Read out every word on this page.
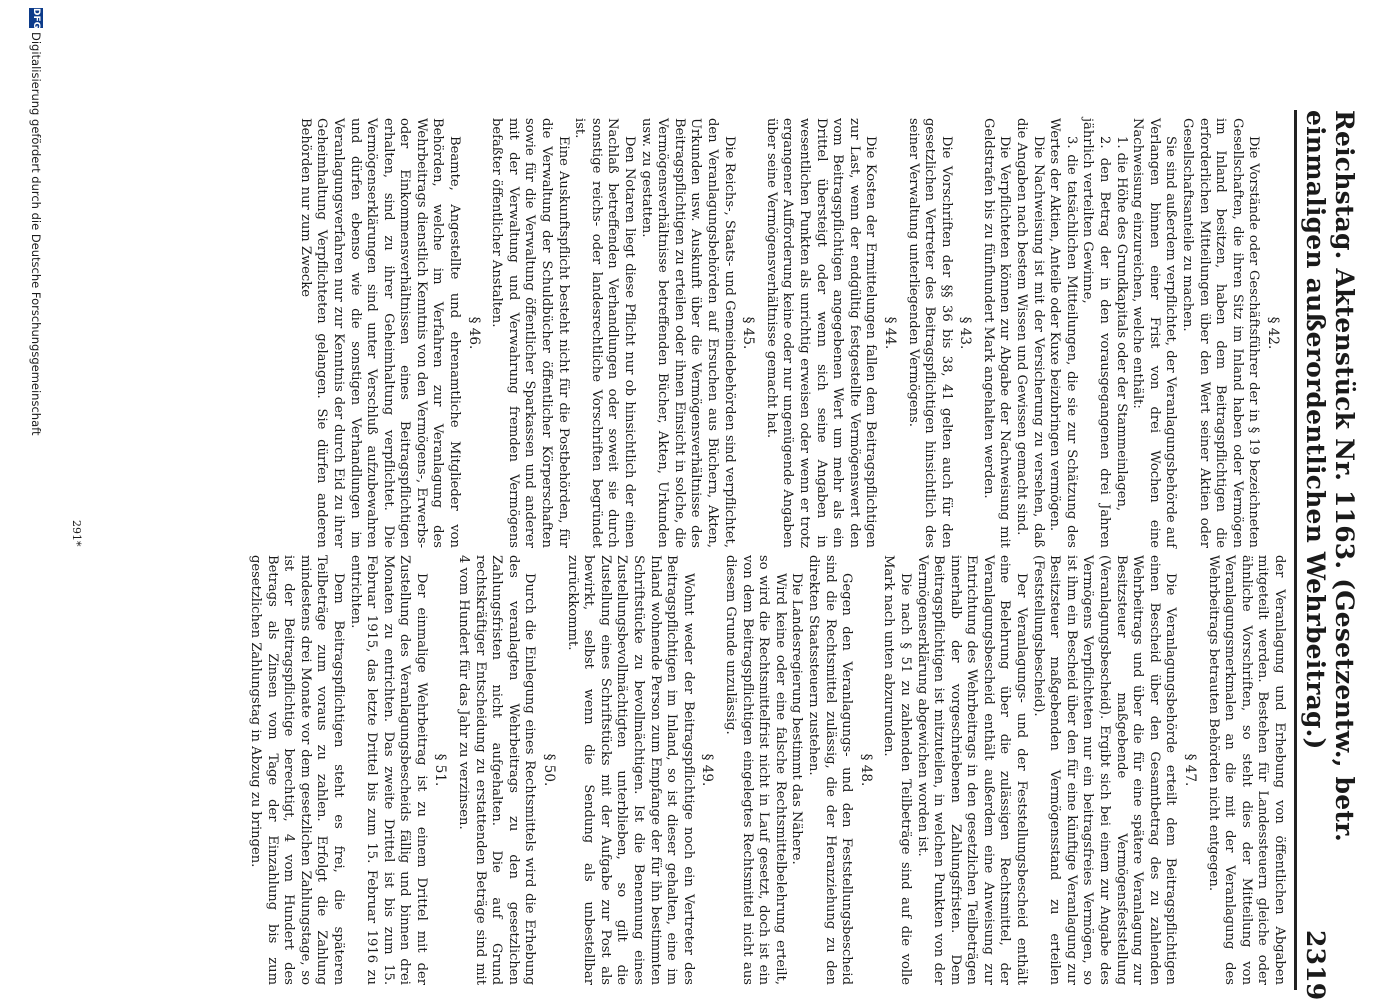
Reichstag. Aktenstück Nr. 1163. (Gesetzentw., betr. einmaligen außerordentlichen Wehrbeitrag.)
2319
§ 42.

Die Vorstände oder Geschäftsführer der in § 19 bezeichneten Gesellschaften, die ihren Sitz im Inland haben oder Vermögen im Inland besitzen, haben dem Beitragspflichtigen die erforderlichen Mitteilungen über den Wert seiner Aktien oder Gesellschaftsanteile zu machen.

Sie sind außerdem verpflichtet, der Veranlagungsbehörde auf Verlangen binnen einer Frist von drei Wochen eine Nachweisung einzureichen, welche enthält:

1. die Höhe des Grundkapitals oder der Stammeinlagen,

2. den Betrag der in den vorausgegangenen drei Jahren jährlich verteilten Gewinne,

3. die tatsächlichen Mitteilungen, die sie zur Schätzung des Wertes der Aktien, Anteile oder Kuxe beizubringen vermögen.

Die Nachweisung ist mit der Versicherung zu versehen, daß die Angaben nach bestem Wissen und Gewissen gemacht sind.

Die Verpflichteten können zur Abgabe der Nachweisung mit Geldstrafen bis zu fünfhundert Mark angehalten werden.

§ 43.

Die Vorschriften der §§ 36 bis 38, 41 gelten auch für den gesetzlichen Vertreter des Beitragspflichtigen hinsichtlich des seiner Verwaltung unterliegenden Vermögens.

§ 44.

Die Kosten der Ermittelungen fallen dem Beitragspflichtigen zur Last, wenn der endgültig festgestellte Vermögenswert den vom Beitragspflichtigen angegebenen Wert um mehr als ein Drittel übersteigt oder wenn sich seine Angaben in wesentlichen Punkten als unrichtig erweisen oder wenn er trotz ergangener Aufforderung keine oder nur ungenügende Angaben über seine Vermögensverhältnisse gemacht hat.

§ 45.

Die Reichs-, Staats- und Gemeindebehörden sind verpflichtet, den Veranlagungsbehörden auf Ersuchen aus Büchern, Akten, Urkunden usw. Auskunft über die Vermögensverhältnisse des Beitragspflichtigen zu erteilen oder ihnen Einsicht in solche, die Vermögensverhältnisse betreffenden Bücher, Akten, Urkunden usw. zu gestatten.

Den Notaren liegt diese Pflicht nur ob hinsichtlich der einen Nachlaß betreffenden Verhandlungen oder soweit sie durch sonstige reichs- oder landesrechtliche Vorschriften begründet ist.

Eine Auskunftspflicht besteht nicht für die Postbehörden, für die Verwaltung der Schuldbücher öffentlicher Körperschaften sowie für die Verwaltung öffentlicher Sparkassen und anderer mit der Verwaltung und Verwahrung fremden Vermögens befaßter öffentlicher Anstalten.

§ 46.

Beamte, Angestellte und ehrenamtliche Mitglieder von Behörden, welche im Verfahren zur Veranlagung des Wehrbeitrags dienstlich Kenntnis von den Vermögens-, Erwerbs- oder Einkommensverhältnissen eines Beitragspflichtigen erhalten, sind zu ihrer Geheimhaltung verpflichtet. Die Vermögenserklärungen sind unter Verschluß aufzubewahren und dürfen ebenso wie die sonstigen Verhandlungen im Veranlagungsverfahren nur zur Kenntnis der durch Eid zu ihrer Geheimhaltung Verpflichteten gelangen. Sie dürfen anderen Behörden nur zum Zwecke

der Veranlagung und Erhebung von öffentlichen Abgaben mitgeteilt werden. Bestehen für Landessteuern gleiche oder ähnliche Vorschriften, so steht dies der Mitteilung von Veranlagungsmerkmalen an die mit der Veranlagung des Wehrbeitrags betrauten Behörden nicht entgegen.

§ 47.

Die Veranlagungsbehörde erteilt dem Beitragspflichtigen einen Bescheid über den Gesamtbetrag des zu zahlenden Wehrbeitrags und über die für eine spätere Veranlagung zur Besitzsteuer maßgebende Vermögensfeststellung (Veranlagungsbescheid). Ergibt sich bei einem zur Angabe des Vermögens Verpflichteten nur ein beitragsfreies Vermögen, so ist ihm ein Bescheid über den für eine künftige Veranlagung zur Besitzsteuer maßgebenden Vermögensstand zu erteilen (Feststellungsbescheid).

Der Veranlagungs- und der Feststellungsbescheid enthält eine Belehrung über die zulässigen Rechtsmittel, der Veranlagungsbescheid enthält außerdem eine Anweisung zur Entrichtung des Wehrbeitrags in den gesetzlichen Teilbeträgen innerhalb der vorgeschriebenen Zahlungsfristen. Dem Beitragspflichtigen ist mitzuteilen, in welchen Punkten von der Vermögenserklärung abgewichen worden ist.

Die nach § 51 zu zahlenden Teilbeträge sind auf die volle Mark nach unten abzurunden.

§ 48.

Gegen den Veranlagungs- und den Feststellungsbescheid sind die Rechtsmittel zulässig, die der Heranziehung zu den direkten Staatssteuern zustehen.

Die Landesregierung bestimmt das Nähere.

Wird keine oder eine falsche Rechtsmittelbelehrung erteilt, so wird die Rechtsmittelfrist nicht in Lauf gesetzt, doch ist ein von dem Beitragspflichtigen eingelegtes Rechtsmittel nicht aus diesem Grunde unzulässig.

§ 49.

Wohnt weder der Beitragspflichtige noch ein Vertreter des Beitragspflichtigen im Inland, so ist dieser gehalten, eine im Inland wohnende Person zum Empfange der für ihn bestimmten Schriftstücke zu bevollmächtigen. Ist die Benennung eines Zustellungsbevollmächtigten unterblieben, so gilt die Zustellung eines Schriftstücks mit der Aufgabe zur Post als bewirkt, selbst wenn die Sendung als unbestellbar zurückkommt.

§ 50.

Durch die Einlegung eines Rechtsmittels wird die Erhebung des veranlagten Wehrbeitrags zu den gesetzlichen Zahlungsfristen nicht aufgehalten. Die auf Grund rechtskräftiger Entscheidung zu erstattenden Beträge sind mit 4 vom Hundert für das Jahr zu verzinsen.

§ 51.

Der einmalige Wehrbeitrag ist zu einem Drittel mit der Zustellung des Veranlagungsbescheids fällig und binnen drei Monaten zu entrichten. Das zweite Drittel ist bis zum 15. Februar 1915, das letzte Drittel bis zum 15. Februar 1916 zu entrichten.

Dem Beitragspflichtigen steht es frei, die späteren Teilbeträge zum voraus zu zahlen. Erfolgt die Zahlung mindestens drei Monate vor dem gesetzlichen Zahlungstage, so ist der Beitragspflichtige berechtigt, 4 vom Hundert des Betrags als Zinsen vom Tage der Einzahlung bis zum gesetzlichen Zahlungstag in Abzug zu bringen.

291*
DFG
Digitalisierung gefördert durch die Deutsche Forschungsgemeinschaft
